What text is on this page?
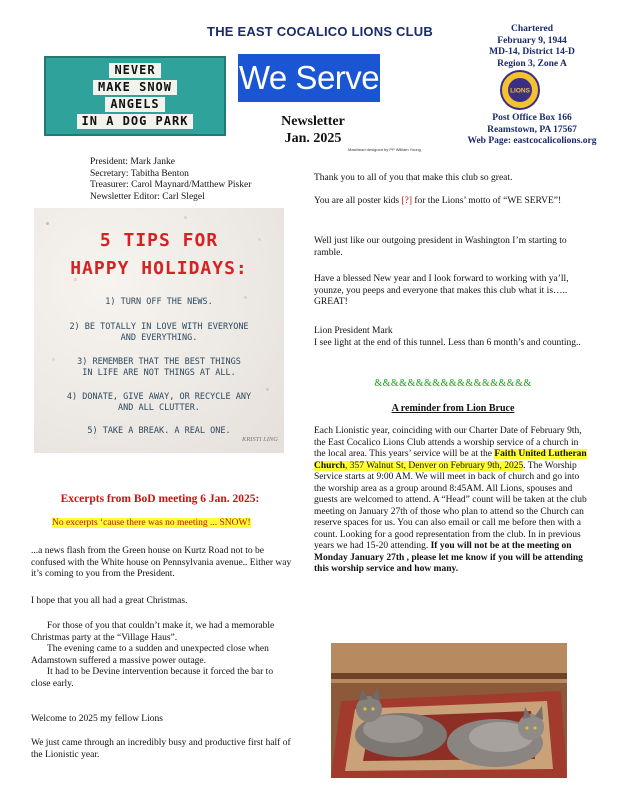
THE EAST COCALICO LIONS CLUB
NEVER
MAKE SNOW
ANGELS
IN A DOG PARK
We Serve
Newsletter
Jan. 2025
Masthead designed by PP William Young
Chartered
February 9, 1944
MD-14, District 14-D
Region 3, Zone A
LIONS
Post Office Box 166
Reamstown, PA 17567
Web Page: eastcocalicolions.org
President: Mark Janke
Secretary: Tabitha Benton
Treasurer: Carol Maynard/Matthew Pisker
Newsletter Editor: Carl Slegel
5 TIPS FOR
HAPPY HOLIDAYS:
1) TURN OFF THE NEWS.
2) BE TOTALLY IN LOVE WITH EVERYONE
AND EVERYTHING.
3) REMEMBER THAT THE BEST THINGS
IN LIFE ARE NOT THINGS AT ALL.
4) DONATE, GIVE AWAY, OR RECYCLE ANY
AND ALL CLUTTER.
5) TAKE A BREAK. A REAL ONE.
KRISTI LING
Excerpts from BoD meeting 6 Jan. 2025:
No excerpts ‘cause there was no meeting ... SNOW!
...a news flash from the Green house on Kurtz Road not to be confused with the White house on Pennsylvania avenue.. Either way it’s coming to you from the President.
I hope that you all had a great Christmas.
For those of you that couldn’t make it, we had a memorable Christmas party at the “Village Haus”.
The evening came to a sudden and unexpected close when Adamstown suffered a massive power outage.
It had to be Devine intervention because it forced the bar to close early.
Welcome to 2025 my fellow Lions
We just came through an incredibly busy and productive first half of the Lionistic year.
Thank you to all of you that make this club so great.
You are all poster kids [?] for the Lions’ motto of “WE SERVE”!
Well just like our outgoing president in Washington I’m starting to ramble.
Have a blessed New year and I look forward to working with ya’ll, younze, you peeps and everyone that makes this club what it is….. GREAT!
Lion President Mark
I see light at the end of this tunnel. Less than 6 month’s and counting..
&&&&&&&&&&&&&&&&&&&
A reminder from Lion Bruce
Each Lionistic year, coinciding with our Charter Date of February 9th, the East Cocalico Lions Club attends a worship service of a church in the local area. This years’ service will be at the Faith United Lutheran Church, 357 Walnut St, Denver on February 9th, 2025. The Worship Service starts at 9:00 AM. We will meet in back of church and go into the worship area as a group around 8:45AM. All Lions, spouses and guests are welcomed to attend. A “Head” count will be taken at the club meeting on January 27th of those who plan to attend so the Church can reserve spaces for us. You can also email or call me before then with a count. Looking for a good representation from the club. In in previous years we had 15-20 attending. If you will not be at the meeting on Monday January 27th , please let me know if you will be attending this worship service and how many.
